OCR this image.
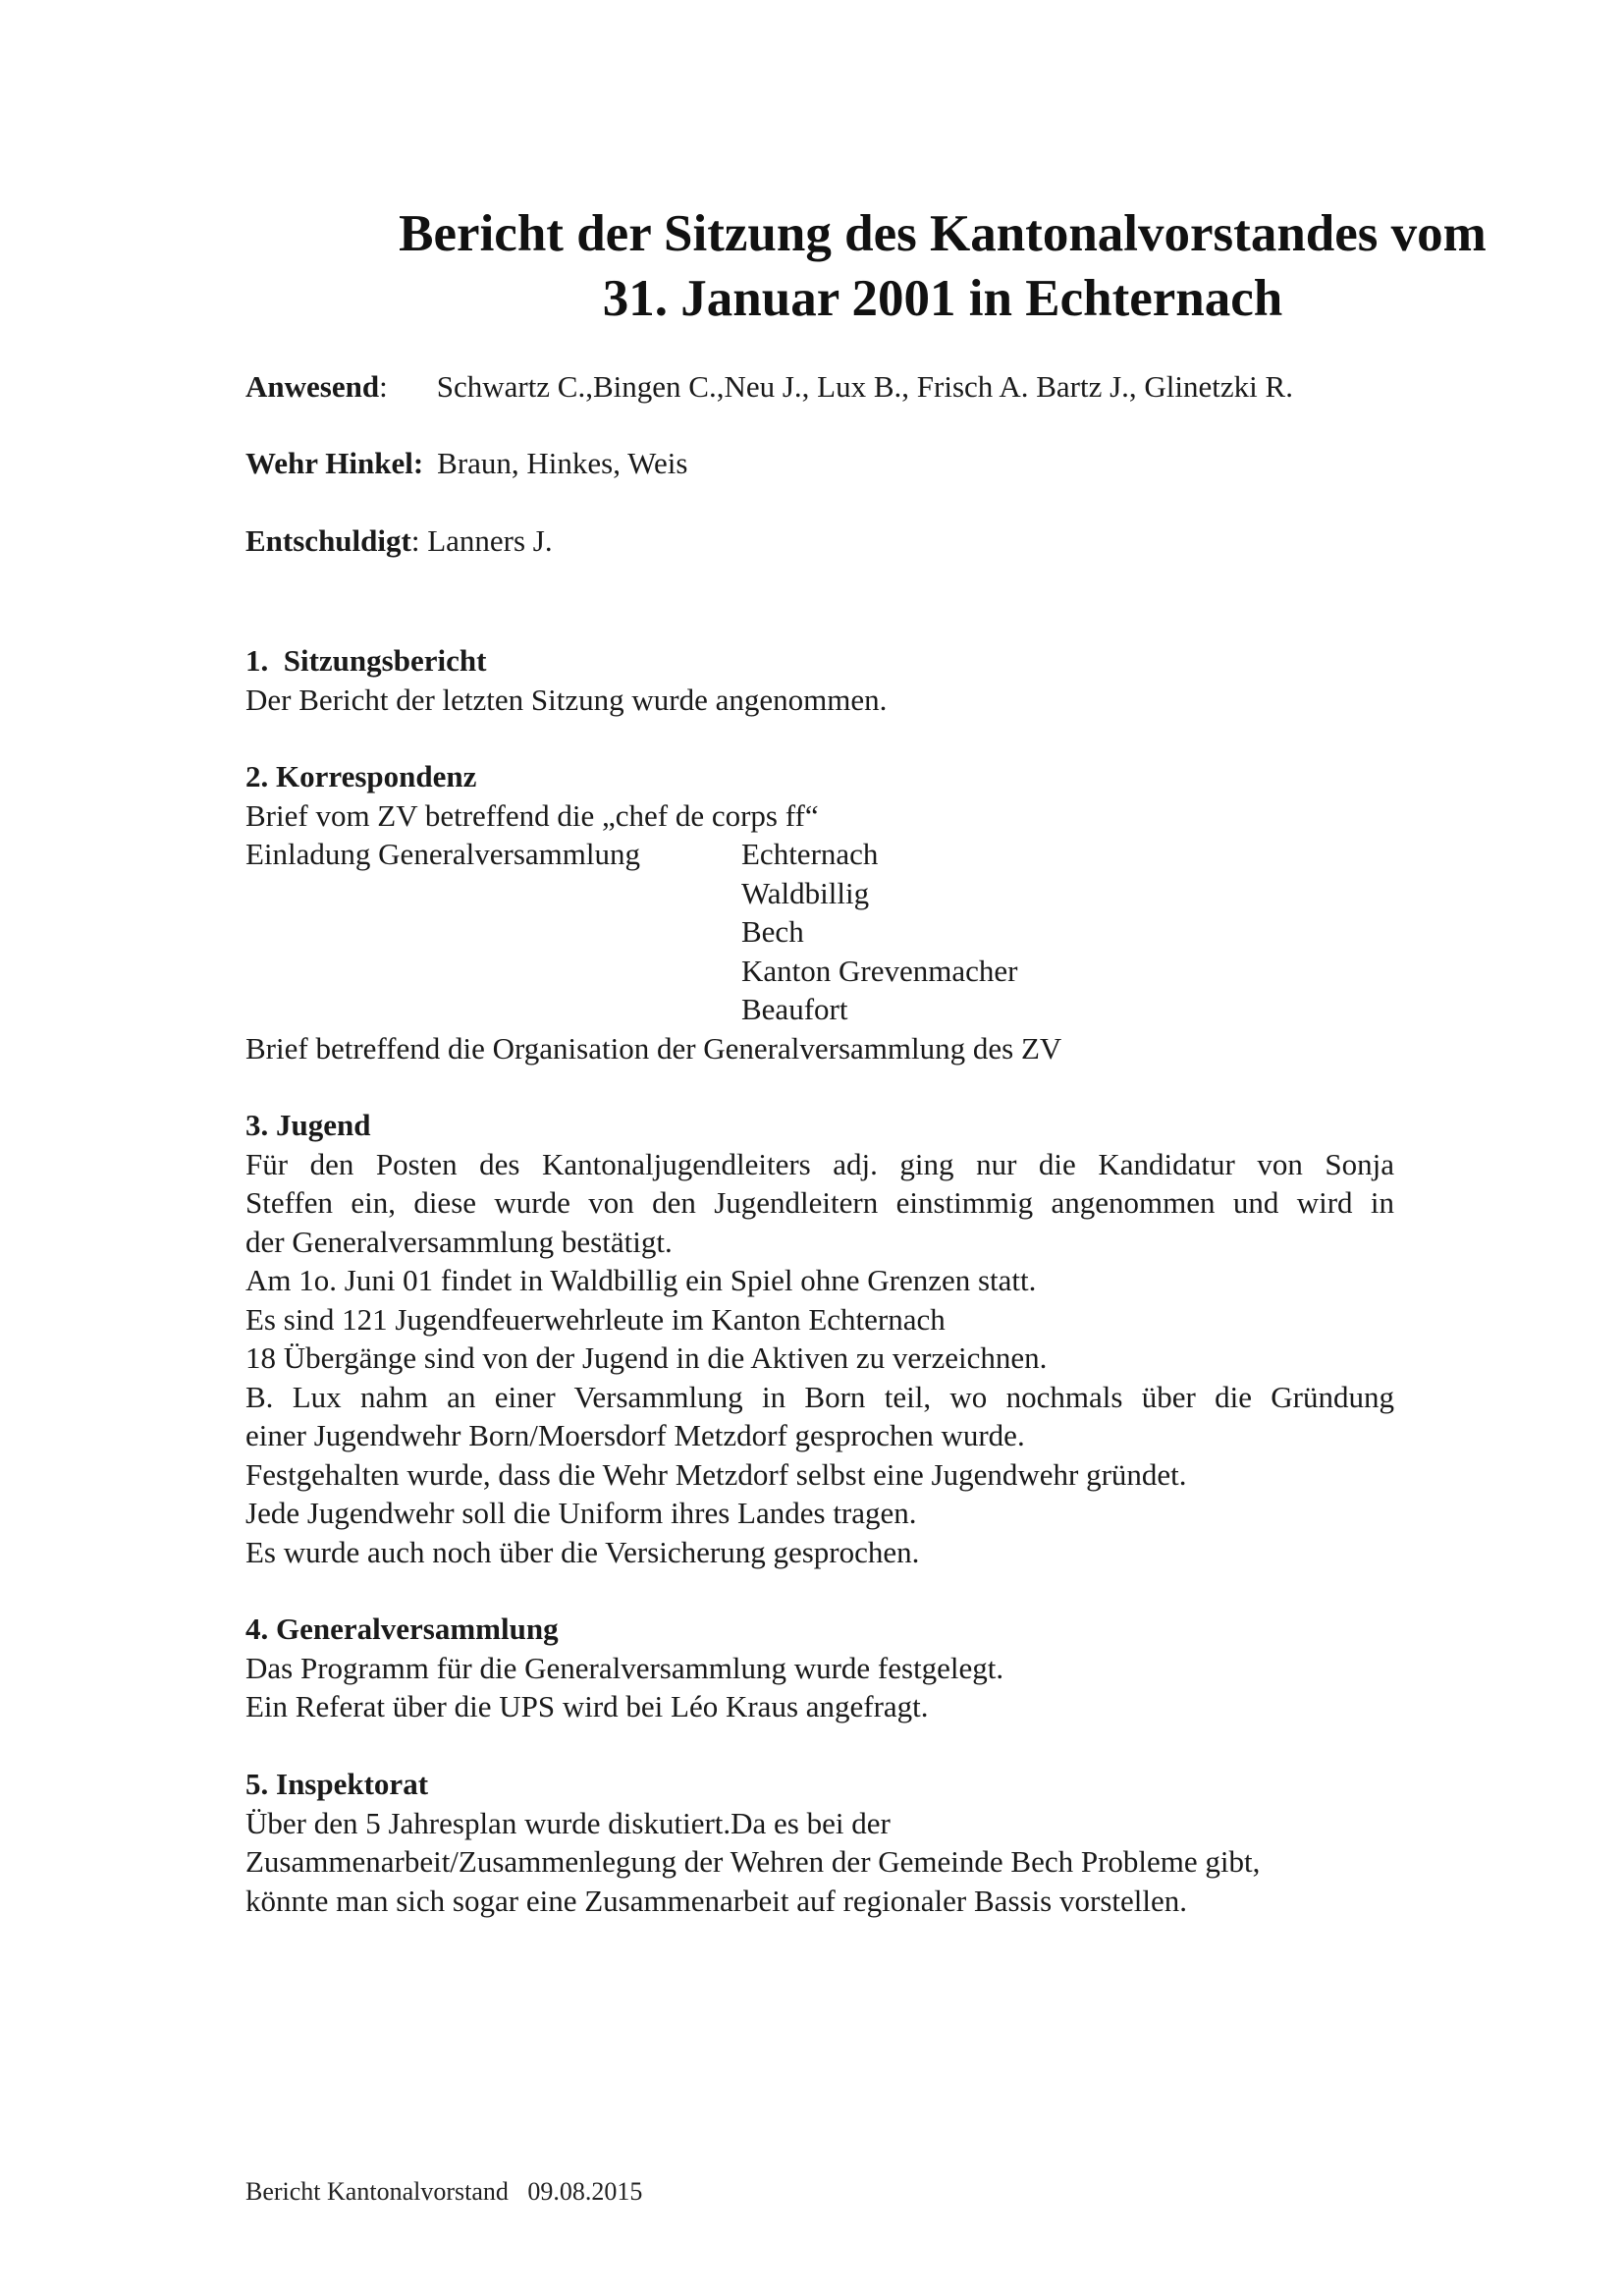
Bericht der Sitzung des Kantonalvorstandes vom
31. Januar 2001 in Echternach
Anwesend: Schwartz C.,Bingen C.,Neu J., Lux B., Frisch A. Bartz J., Glinetzki R.
Wehr Hinkel: Braun, Hinkes, Weis
Entschuldigt: Lanners J.
1.  Sitzungsbericht
Der Bericht der letzten Sitzung wurde angenommen.
2. Korrespondenz
Brief vom ZV betreffend die „chef de corps ff“
Einladung Generalversammlung	Echternach
Waldbillig
Bech
Kanton Grevenmacher
Beaufort
Brief betreffend die Organisation der Generalversammlung des ZV
3. Jugend
Für den Posten des Kantonaljugendleiters adj. ging nur die Kandidatur von Sonja
Steffen ein, diese wurde von den Jugendleitern einstimmig angenommen und wird in
der Generalversammlung bestätigt.
Am 1o. Juni 01 findet in Waldbillig ein Spiel ohne Grenzen statt.
Es sind 121 Jugendfeuerwehrleute im Kanton Echternach
18 Übergänge sind von der Jugend in die Aktiven zu verzeichnen.
B. Lux nahm an einer Versammlung in Born teil, wo nochmals über die Gründung
einer Jugendwehr Born/Moersdorf Metzdorf gesprochen wurde.
Festgehalten wurde, dass die Wehr Metzdorf selbst eine Jugendwehr gründet.
Jede Jugendwehr soll die Uniform ihres Landes tragen.
Es wurde auch noch über die Versicherung gesprochen.
4. Generalversammlung
Das Programm für die Generalversammlung wurde festgelegt.
Ein Referat über die UPS wird bei Léo Kraus angefragt.
5. Inspektorat
Über den 5 Jahresplan wurde diskutiert.Da es bei der
Zusammenarbeit/Zusammenlegung der Wehren der Gemeinde Bech Probleme gibt,
könnte man sich sogar eine Zusammenarbeit auf regionaler Bassis vorstellen.
Bericht Kantonalvorstand   09.08.2015
